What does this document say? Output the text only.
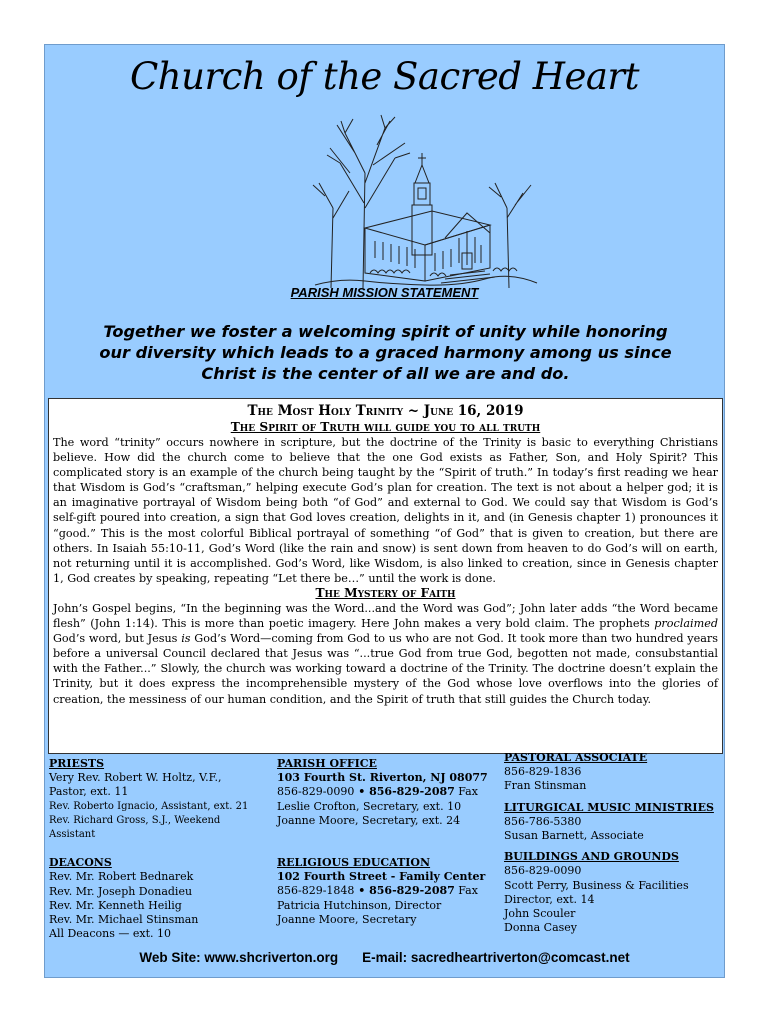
Church of the Sacred Heart
PARISH MISSION STATEMENT
Together we foster a welcoming spirit of unity while honoring
our diversity which leads to a graced harmony among us since
Christ is the center of all we are and do.
The Most Holy Trinity ~ June 16, 2019
The Spirit of Truth will guide you to all truth
The word “trinity” occurs nowhere in scripture, but the doctrine of the Trinity is basic to everything Christians believe. How did the church come to believe that the one God exists as Father, Son, and Holy Spirit? This complicated story is an example of the church being taught by the “Spirit of truth.” In today’s first reading we hear that Wisdom is God’s “craftsman,” helping execute God’s plan for creation. The text is not about a helper god; it is an imaginative portrayal of Wisdom being both “of God” and external to God. We could say that Wisdom is God’s self-gift poured into creation, a sign that God loves creation, delights in it, and (in Genesis chapter 1) pronounces it “good.” This is the most colorful Biblical portrayal of something “of God” that is given to creation, but there are others. In Isaiah 55:10-11, God’s Word (like the rain and snow) is sent down from heaven to do God’s will on earth, not returning until it is accomplished. God’s Word, like Wisdom, is also linked to creation, since in Genesis chapter 1, God creates by speaking, repeating “Let there be…” until the work is done.
The Mystery of Faith
John’s Gospel begins, “In the beginning was the Word...and the Word was God”; John later adds “the Word became flesh” (John 1:14). This is more than poetic imagery. Here John makes a very bold claim. The prophets proclaimed God’s word, but Jesus is God’s Word—coming from God to us who are not God. It took more than two hundred years before a universal Council declared that Jesus was “...true God from true God, begotten not made, consubstantial with the Father...” Slowly, the church was working toward a doctrine of the Trinity. The doctrine doesn’t explain the Trinity, but it does express the incomprehensible mystery of the God whose love overflows into the glories of creation, the messiness of our human condition, and the Spirit of truth that still guides the Church today.
PRIESTS
Very Rev. Robert W. Holtz, V.F.,
Pastor, ext. 11
Rev. Roberto Ignacio, Assistant, ext. 21
Rev. Richard Gross, S.J., Weekend
Assistant
DEACONS
Rev. Mr. Robert Bednarek
Rev. Mr. Joseph Donadieu
Rev. Mr. Kenneth Heilig
Rev. Mr. Michael Stinsman
All Deacons — ext. 10
PARISH OFFICE
103 Fourth St. Riverton, NJ 08077
856-829-0090 • 856-829-2087 Fax
Leslie Crofton, Secretary, ext. 10
Joanne Moore, Secretary, ext. 24
RELIGIOUS EDUCATION
102 Fourth Street - Family Center
856-829-1848 • 856-829-2087 Fax
Patricia Hutchinson, Director
Joanne Moore, Secretary
PASTORAL ASSOCIATE
856-829-1836
Fran Stinsman
LITURGICAL MUSIC MINISTRIES
856-786-5380
Susan Barnett, Associate
BUILDINGS AND GROUNDS
856-829-0090
Scott Perry, Business & Facilities
Director, ext. 14
John Scouler
Donna Casey
Web Site: www.shcriverton.org E-mail: sacredheartriverton@comcast.net
